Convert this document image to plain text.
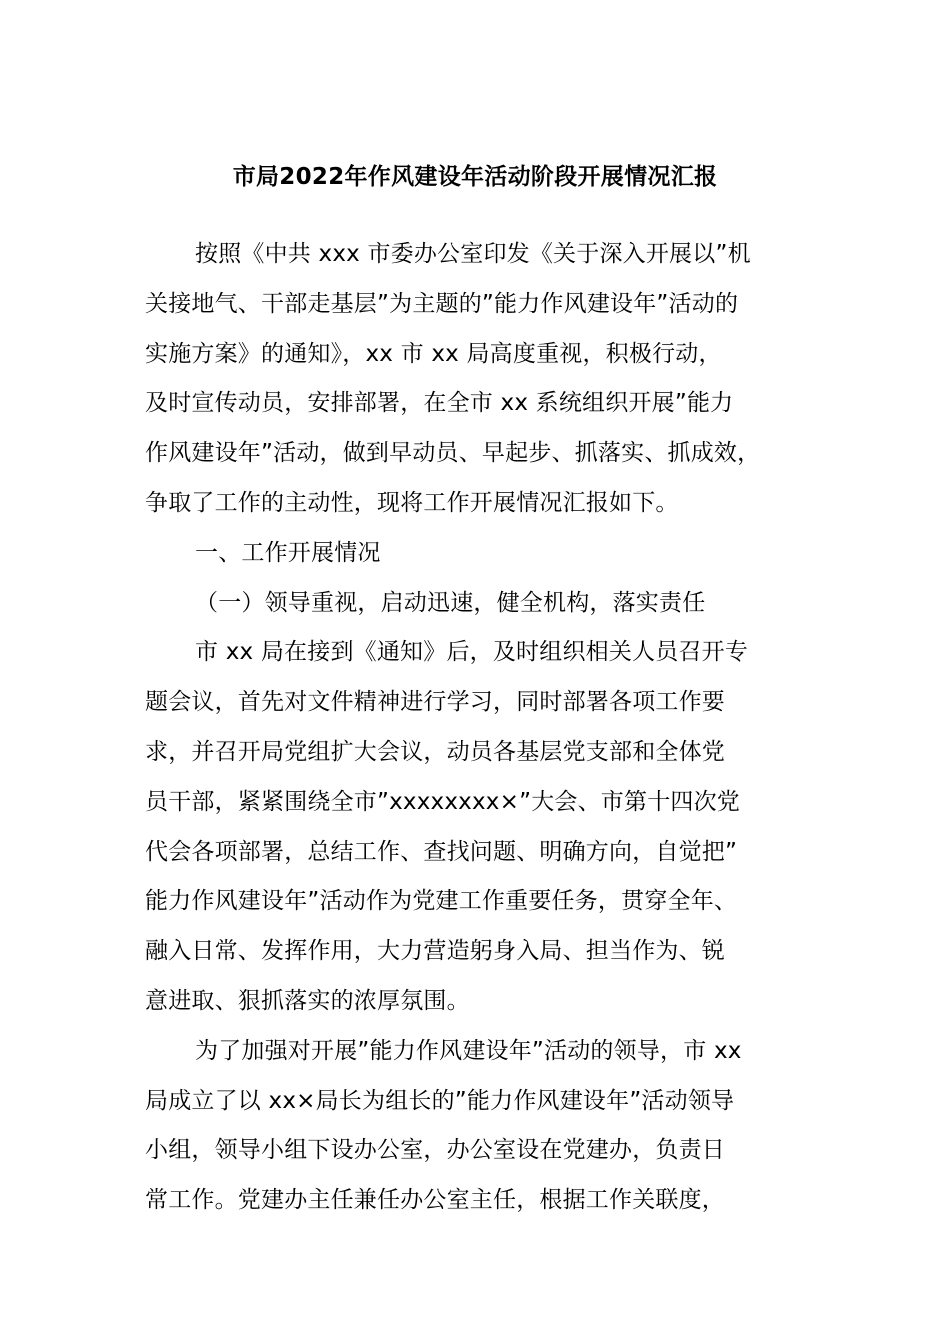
市局2022年作风建设年活动阶段开展情况汇报
按照《中共 xxx 市委办公室印发《关于深入开展以”机
关接地气、干部走基层”为主题的”能力作风建设年”活动的
实施方案》的通知》，xx 市 xx 局高度重视，积极行动，
及时宣传动员，安排部署，在全市 xx 系统组织开展”能力
作风建设年”活动，做到早动员、早起步、抓落实、抓成效，
争取了工作的主动性，现将工作开展情况汇报如下。
一、工作开展情况
（一）领导重视，启动迅速，健全机构，落实责任
市 xx 局在接到《通知》后，及时组织相关人员召开专
题会议，首先对文件精神进行学习，同时部署各项工作要
求，并召开局党组扩大会议，动员各基层党支部和全体党
员干部，紧紧围绕全市”xxxxxxxx×”大会、市第十四次党
代会各项部署，总结工作、查找问题、明确方向，自觉把”
能力作风建设年”活动作为党建工作重要任务，贯穿全年、
融入日常、发挥作用，大力营造躬身入局、担当作为、锐
意进取、狠抓落实的浓厚氛围。
为了加强对开展”能力作风建设年”活动的领导，市 xx
局成立了以 xx×局长为组长的”能力作风建设年”活动领导
小组，领导小组下设办公室，办公室设在党建办，负责日
常工作。党建办主任兼任办公室主任，根据工作关联度，
